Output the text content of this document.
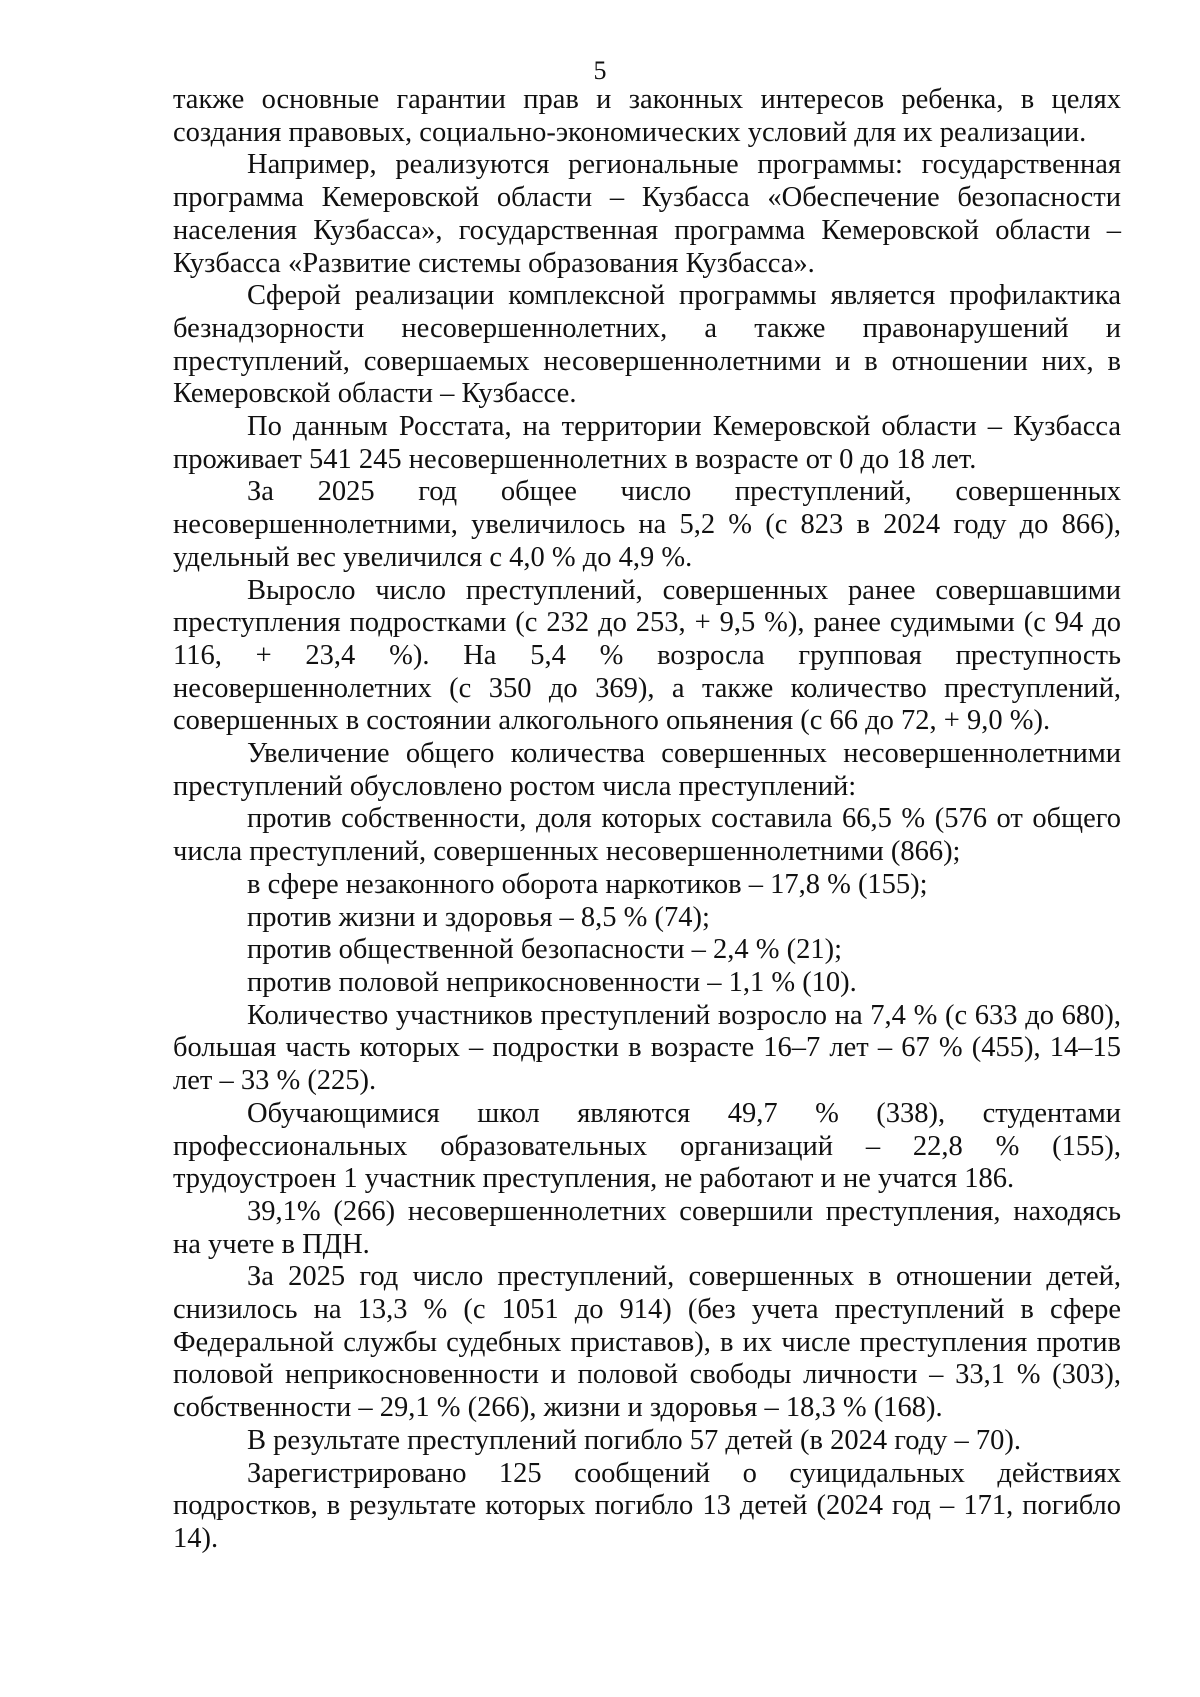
5

также основные гарантии прав и законных интересов ребенка, в целях создания правовых, социально-экономических условий для их реализации.

Например, реализуются региональные программы: государственная программа Кемеровской области – Кузбасса «Обеспечение безопасности населения Кузбасса», государственная программа Кемеровской области – Кузбасса «Развитие системы образования Кузбасса».

Сферой реализации комплексной программы является профилактика безнадзорности несовершеннолетних, а также правонарушений и преступлений, совершаемых несовершеннолетними и в отношении них, в Кемеровской области – Кузбассе.

По данным Росстата, на территории Кемеровской области – Кузбасса проживает 541 245 несовершеннолетних в возрасте от 0 до 18 лет.

За 2025 год общее число преступлений, совершенных несовершеннолетними, увеличилось на 5,2 % (с 823 в 2024 году до 866), удельный вес увеличился с 4,0 % до 4,9 %.

Выросло число преступлений, совершенных ранее совершавшими преступления подростками (с 232 до 253, + 9,5 %), ранее судимыми (с 94 до 116, + 23,4 %). На 5,4 % возросла групповая преступность несовершеннолетних (с 350 до 369), а также количество преступлений, совершенных в состоянии алкогольного опьянения (с 66 до 72, + 9,0 %).

Увеличение общего количества совершенных несовершеннолетними преступлений обусловлено ростом числа преступлений:

против собственности, доля которых составила 66,5 % (576 от общего числа преступлений, совершенных несовершеннолетними (866);

в сфере незаконного оборота наркотиков – 17,8 % (155);

против жизни и здоровья – 8,5 % (74);

против общественной безопасности – 2,4 % (21);

против половой неприкосновенности – 1,1 % (10).

Количество участников преступлений возросло на 7,4 % (с 633 до 680), большая часть которых – подростки в возрасте 16–7 лет – 67 % (455), 14–15 лет – 33 % (225).

Обучающимися школ являются 49,7 % (338), студентами профессиональных образовательных организаций – 22,8 % (155), трудоустроен 1 участник преступления, не работают и не учатся 186.

39,1% (266) несовершеннолетних совершили преступления, находясь на учете в ПДН.

За 2025 год число преступлений, совершенных в отношении детей, снизилось на 13,3 % (с 1051 до 914) (без учета преступлений в сфере Федеральной службы судебных приставов), в их числе преступления против половой неприкосновенности и половой свободы личности – 33,1 % (303), собственности – 29,1 % (266), жизни и здоровья – 18,3 % (168).

В результате преступлений погибло 57 детей (в 2024 году – 70).

Зарегистрировано 125 сообщений о суицидальных действиях подростков, в результате которых погибло 13 детей (2024 год – 171, погибло 14).
